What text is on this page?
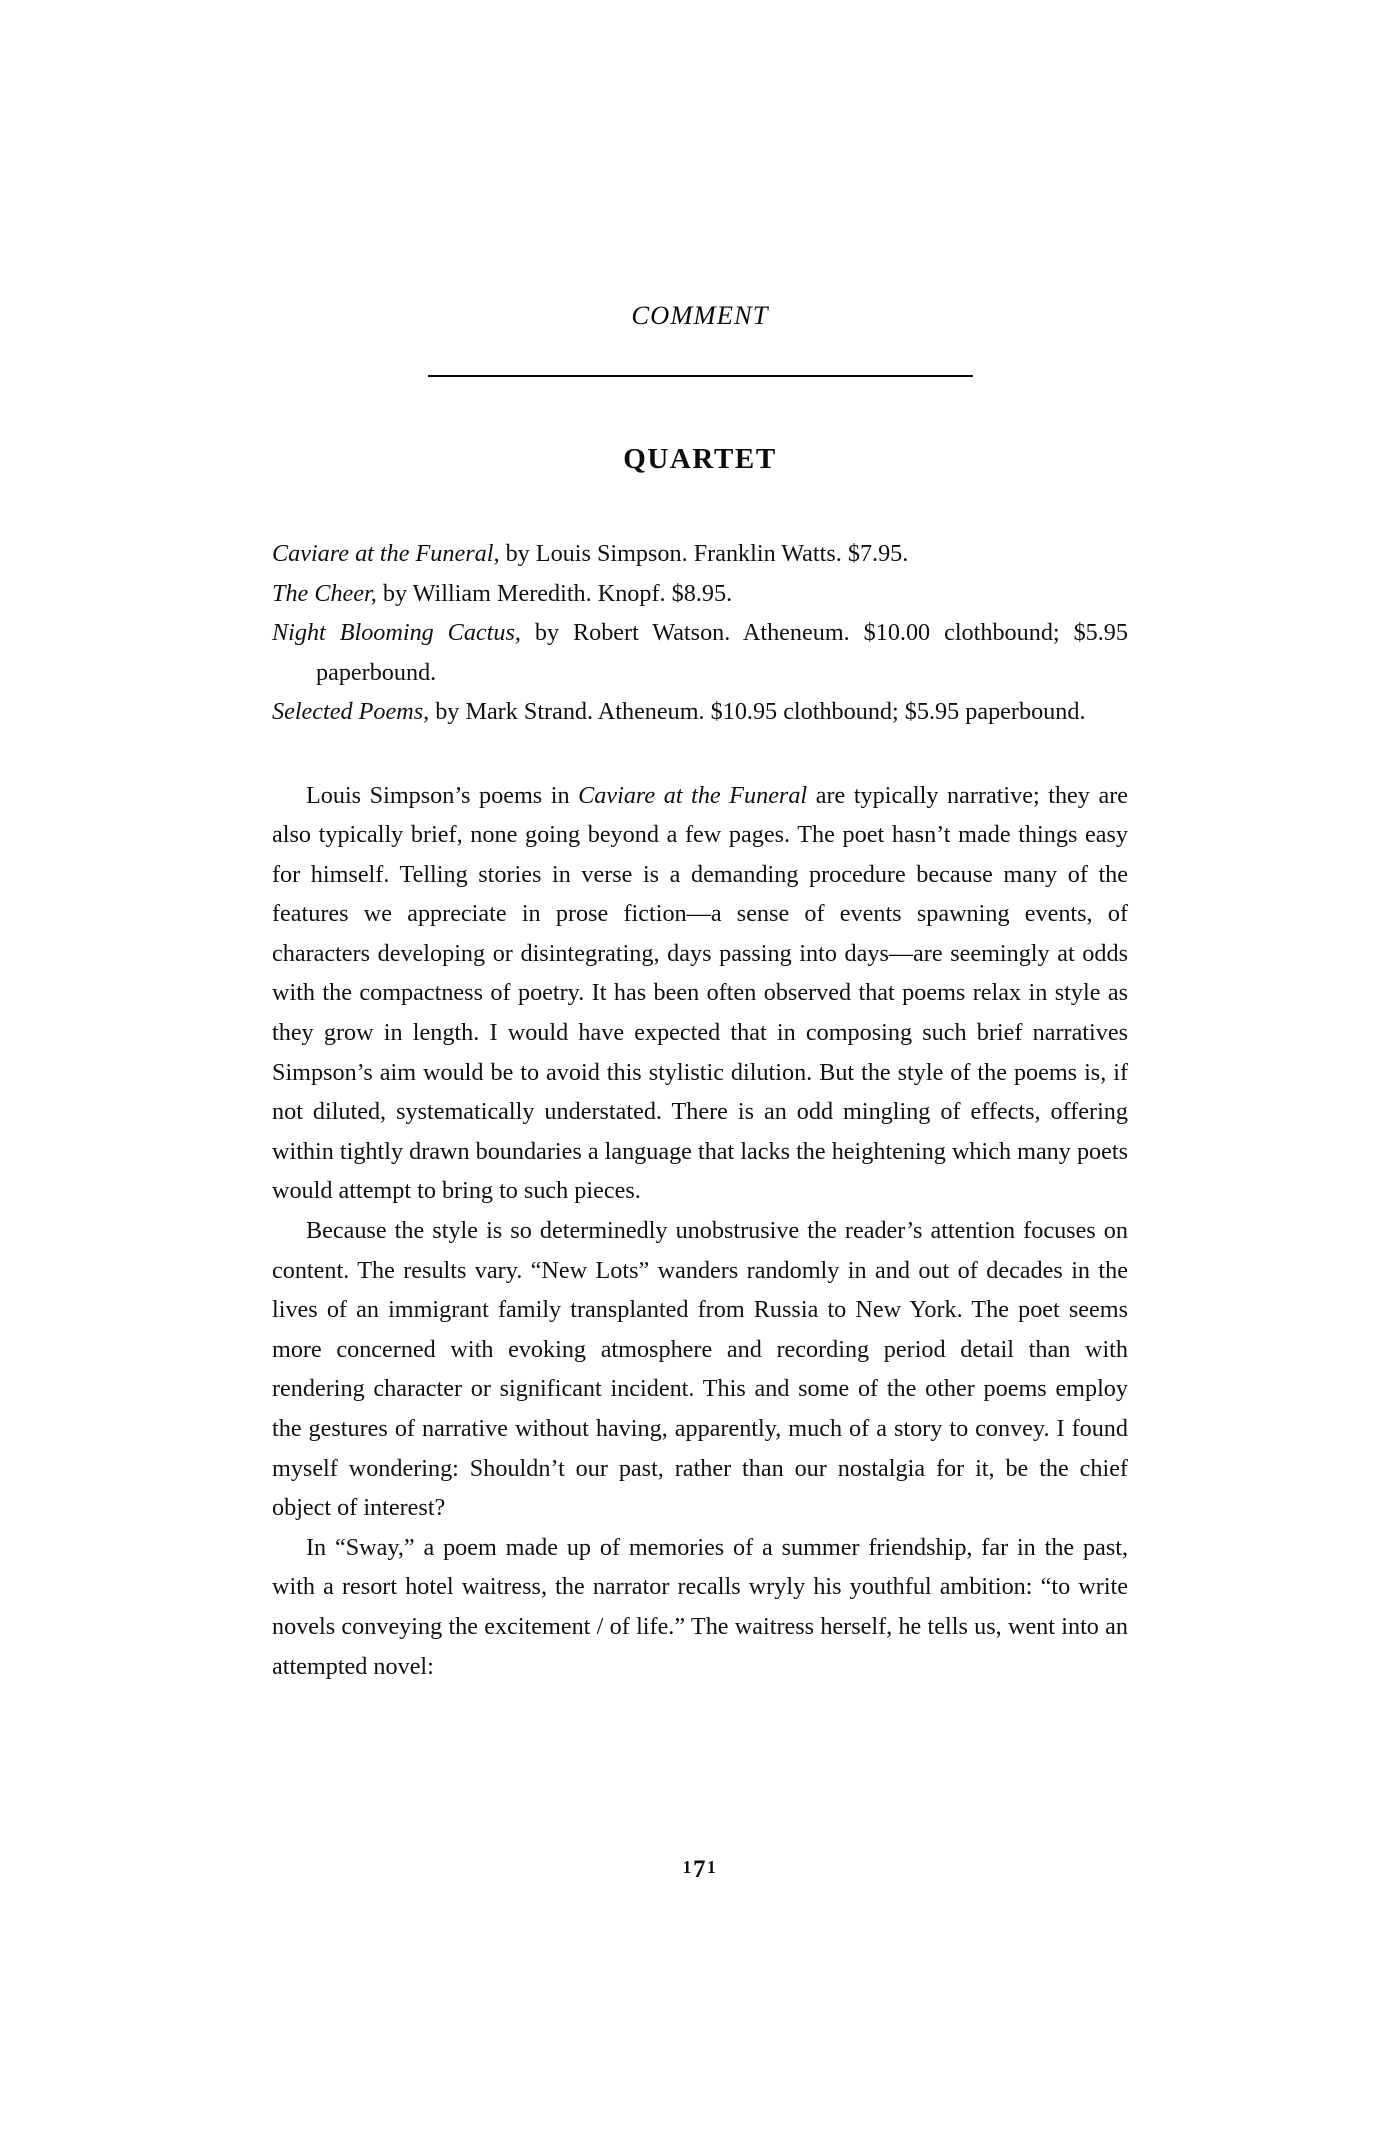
COMMENT
QUARTET

Caviare at the Funeral, by Louis Simpson. Franklin Watts. $7.95.

The Cheer, by William Meredith. Knopf. $8.95.

Night Blooming Cactus, by Robert Watson. Atheneum. $10.00 clothbound; $5.95 paperbound.

Selected Poems, by Mark Strand. Atheneum. $10.95 clothbound; $5.95 paperbound.

Louis Simpson’s poems in Caviare at the Funeral are typically narrative; they are also typically brief, none going beyond a few pages. The poet hasn’t made things easy for himself. Telling stories in verse is a demanding procedure because many of the features we appreciate in prose fiction—a sense of events spawning events, of characters developing or disintegrating, days passing into days—are seemingly at odds with the compactness of poetry. It has been often observed that poems relax in style as they grow in length. I would have expected that in composing such brief narratives Simpson’s aim would be to avoid this stylistic dilution. But the style of the poems is, if not diluted, systematically understated. There is an odd mingling of effects, offering within tightly drawn boundaries a language that lacks the heightening which many poets would attempt to bring to such pieces.

Because the style is so determinedly unobstrusive the reader’s attention focuses on content. The results vary. “New Lots” wanders randomly in and out of decades in the lives of an immigrant family transplanted from Russia to New York. The poet seems more concerned with evoking atmosphere and recording period detail than with rendering character or significant incident. This and some of the other poems employ the gestures of narrative without having, apparently, much of a story to convey. I found myself wondering: Shouldn’t our past, rather than our nostalgia for it, be the chief object of interest?

In “Sway,” a poem made up of memories of a summer friendship, far in the past, with a resort hotel waitress, the narrator recalls wryly his youthful ambition: “to write novels conveying the excitement / of life.” The waitress herself, he tells us, went into an attempted novel:

171
